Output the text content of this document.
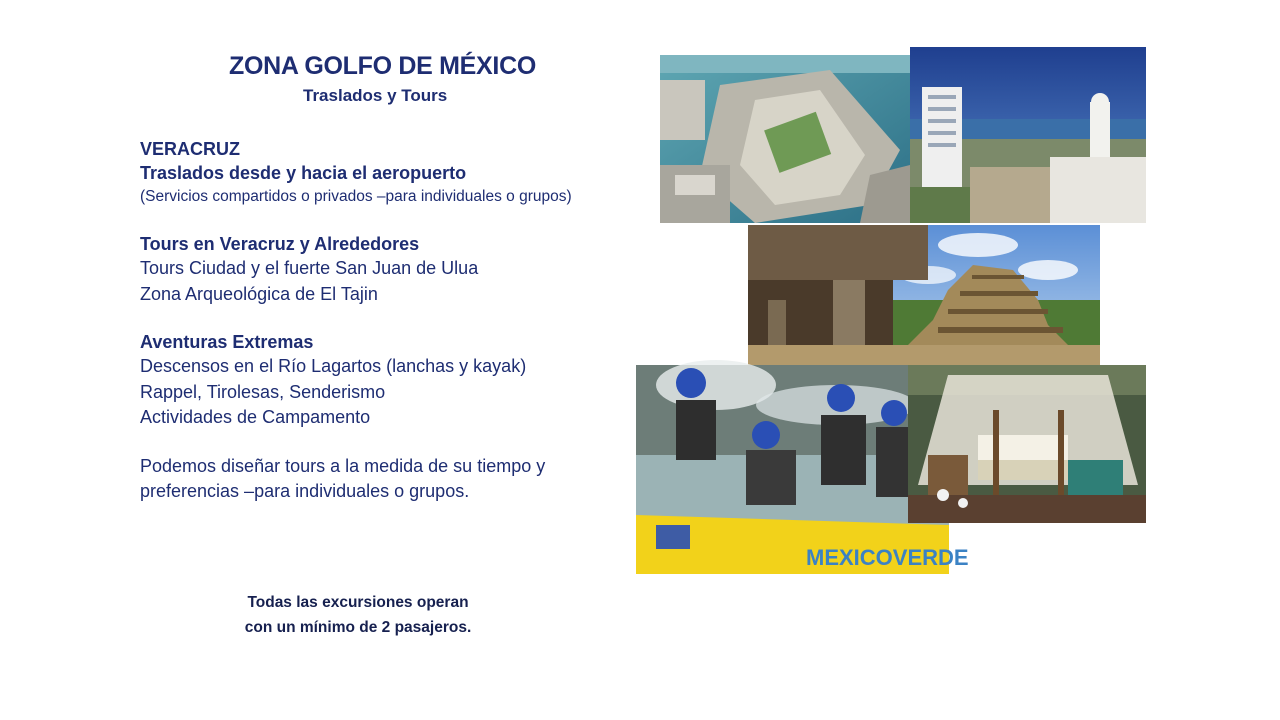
ZONA GOLFO DE MÉXICO
Traslados y Tours

VERACRUZ

Traslados desde y hacia el aeropuerto

(Servicios compartidos o privados –para individuales o grupos)

Tours en Veracruz y Alrededores

Tours Ciudad y el fuerte San Juan de Ulua

Zona Arqueológica de El Tajin

Aventuras Extremas

Descensos en el Río Lagartos (lanchas y kayak)

Rappel, Tirolesas, Senderismo

Actividades de Campamento

Podemos diseñar tours a la medida de su tiempo y

preferencias –para individuales o grupos.

Todas las excursiones operan
con un mínimo de 2 pasajeros.
MEXICOVERDE
